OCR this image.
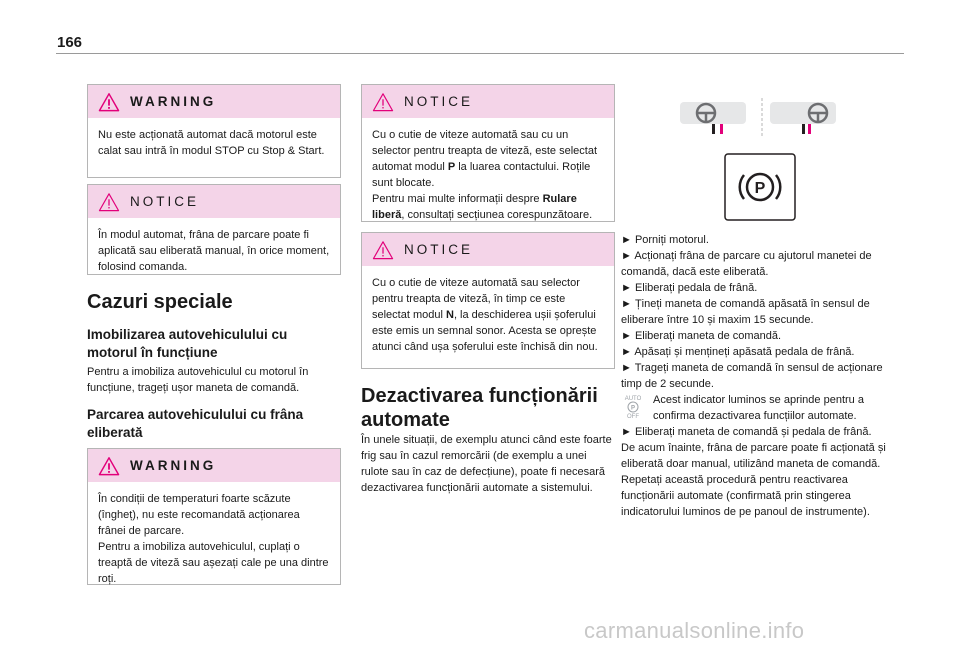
166
WARNING
Nu este acționată automat dacă motorul este calat sau intră în modul STOP cu Stop & Start.
NOTICE
În modul automat, frâna de parcare poate fi aplicată sau eliberată manual, în orice moment, folosind comanda.
Cazuri speciale
Imobilizarea autovehiculului cu motorul în funcțiune
Pentru a imobiliza autovehiculul cu motorul în funcțiune, trageți ușor maneta de comandă.
Parcarea autovehiculului cu frâna eliberată
WARNING
În condiții de temperaturi foarte scăzute (îngheț), nu este recomandată acționarea frânei de parcare.
Pentru a imobiliza autovehiculul, cuplați o treaptă de viteză sau așezați cale pe una dintre roți.
NOTICE
Cu o cutie de viteze automată sau cu un selector pentru treapta de viteză, este selectat automat modul P la luarea contactului. Roțile sunt blocate.
Pentru mai multe informații despre Rulare liberă, consultați secțiunea corespunzătoare.
NOTICE
Cu o cutie de viteze automată sau selector pentru treapta de viteză, în timp ce este selectat modul N, la deschiderea ușii șoferului este emis un semnal sonor. Acesta se oprește atunci când ușa șoferului este închisă din nou.
Dezactivarea funcționării automate
În unele situații, de exemplu atunci când este foarte frig sau în cazul remorcării (de exemplu a unei rulote sau în caz de defecțiune), poate fi necesară dezactivarea funcționării automate a sistemului.
P
► Porniți motorul.
► Acționați frâna de parcare cu ajutorul manetei de comandă, dacă este eliberată.
► Eliberați pedala de frână.
► Țineți maneta de comandă apăsată în sensul de eliberare între 10 și maxim 15 secunde.
► Eliberați maneta de comandă.
► Apăsați și mențineți apăsată pedala de frână.
► Trageți maneta de comandă în sensul de acționare timp de 2 secunde.
AUTO
P
OFF
Acest indicator luminos se aprinde pentru a confirma dezactivarea funcțiilor automate.
► Eliberați maneta de comandă și pedala de frână.
De acum înainte, frâna de parcare poate fi acționată și eliberată doar manual, utilizând maneta de comandă.
Repetați această procedură pentru reactivarea funcționării automate (confirmată prin stingerea indicatorului luminos de pe panoul de instrumente).
carmanualsonline.info
